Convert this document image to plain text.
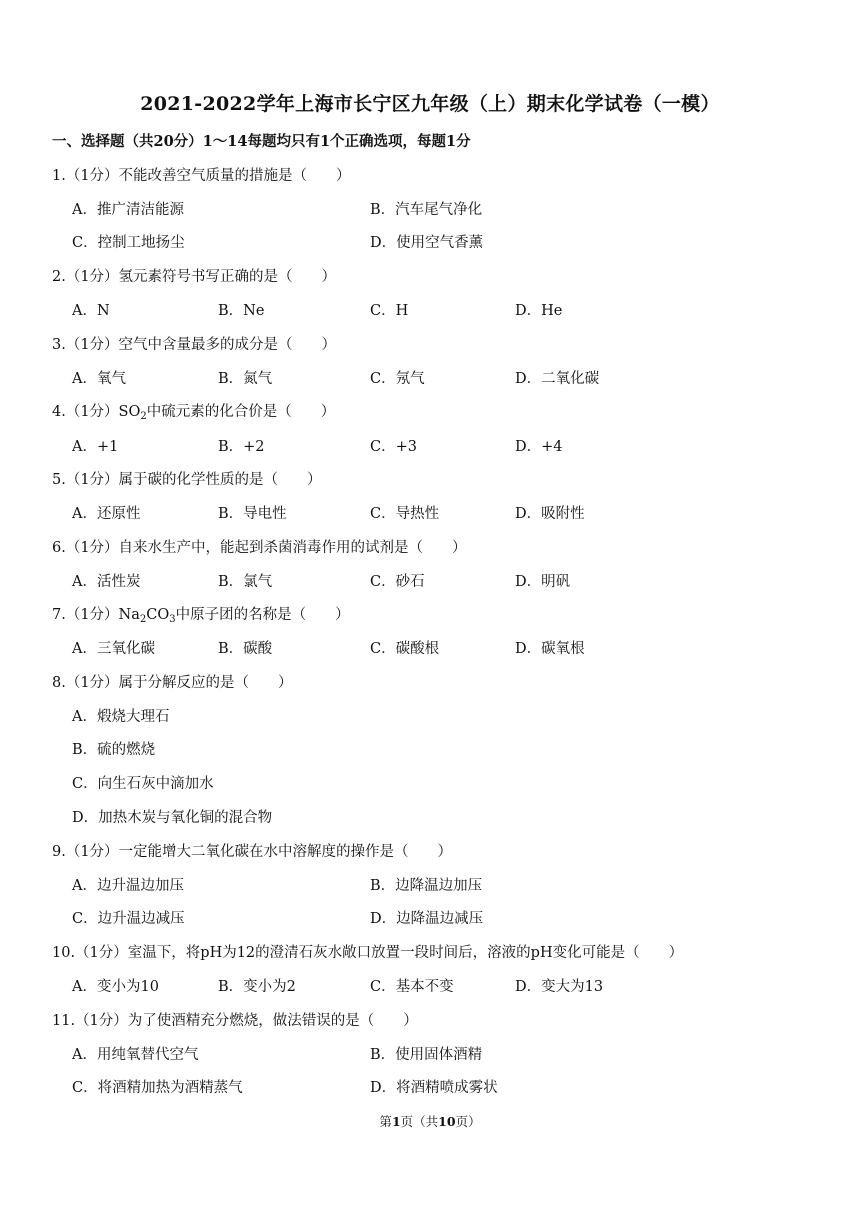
2021-2022学年上海市长宁区九年级（上）期末化学试卷（一模）
一、选择题（共20分）1～14每题均只有1个正确选项，每题1分
1.（1分）不能改善空气质量的措施是（　　）
A．推广清洁能源	B．汽车尾气净化
C．控制工地扬尘	D．使用空气香薰
2.（1分）氢元素符号书写正确的是（　　）
A．N	B．Ne	C．H	D．He
3.（1分）空气中含量最多的成分是（　　）
A．氧气	B．氮气	C．氖气	D．二氧化碳
4.（1分）$SO_2$中硫元素的化合价是（　　）
A．+1	B．+2	C．+3	D．+4
5.（1分）属于碳的化学性质的是（　　）
A．还原性	B．导电性	C．导热性	D．吸附性
6.（1分）自来水生产中，能起到杀菌消毒作用的试剂是（　　）
A．活性炭	B．氯气	C．砂石	D．明矾
7.（1分）$Na_2CO_3$中原子团的名称是（　　）
A．三氧化碳	B．碳酸	C．碳酸根	D．碳氧根
8.（1分）属于分解反应的是（　　）
A．煅烧大理石
B．硫的燃烧
C．向生石灰中滴加水
D．加热木炭与氧化铜的混合物
9.（1分）一定能增大二氧化碳在水中溶解度的操作是（　　）
A．边升温边加压	B．边降温边加压
C．边升温边减压	D．边降温边减压
10.（1分）室温下，将pH为12的澄清石灰水敞口放置一段时间后，溶液的pH变化可能是（　　）
A．变小为10	B．变小为2	C．基本不变	D．变大为13
11.（1分）为了使酒精充分燃烧，做法错误的是（　　）
A．用纯氧替代空气	B．使用固体酒精
C．将酒精加热为酒精蒸气	D．将酒精喷成雾状
第1页（共10页）
